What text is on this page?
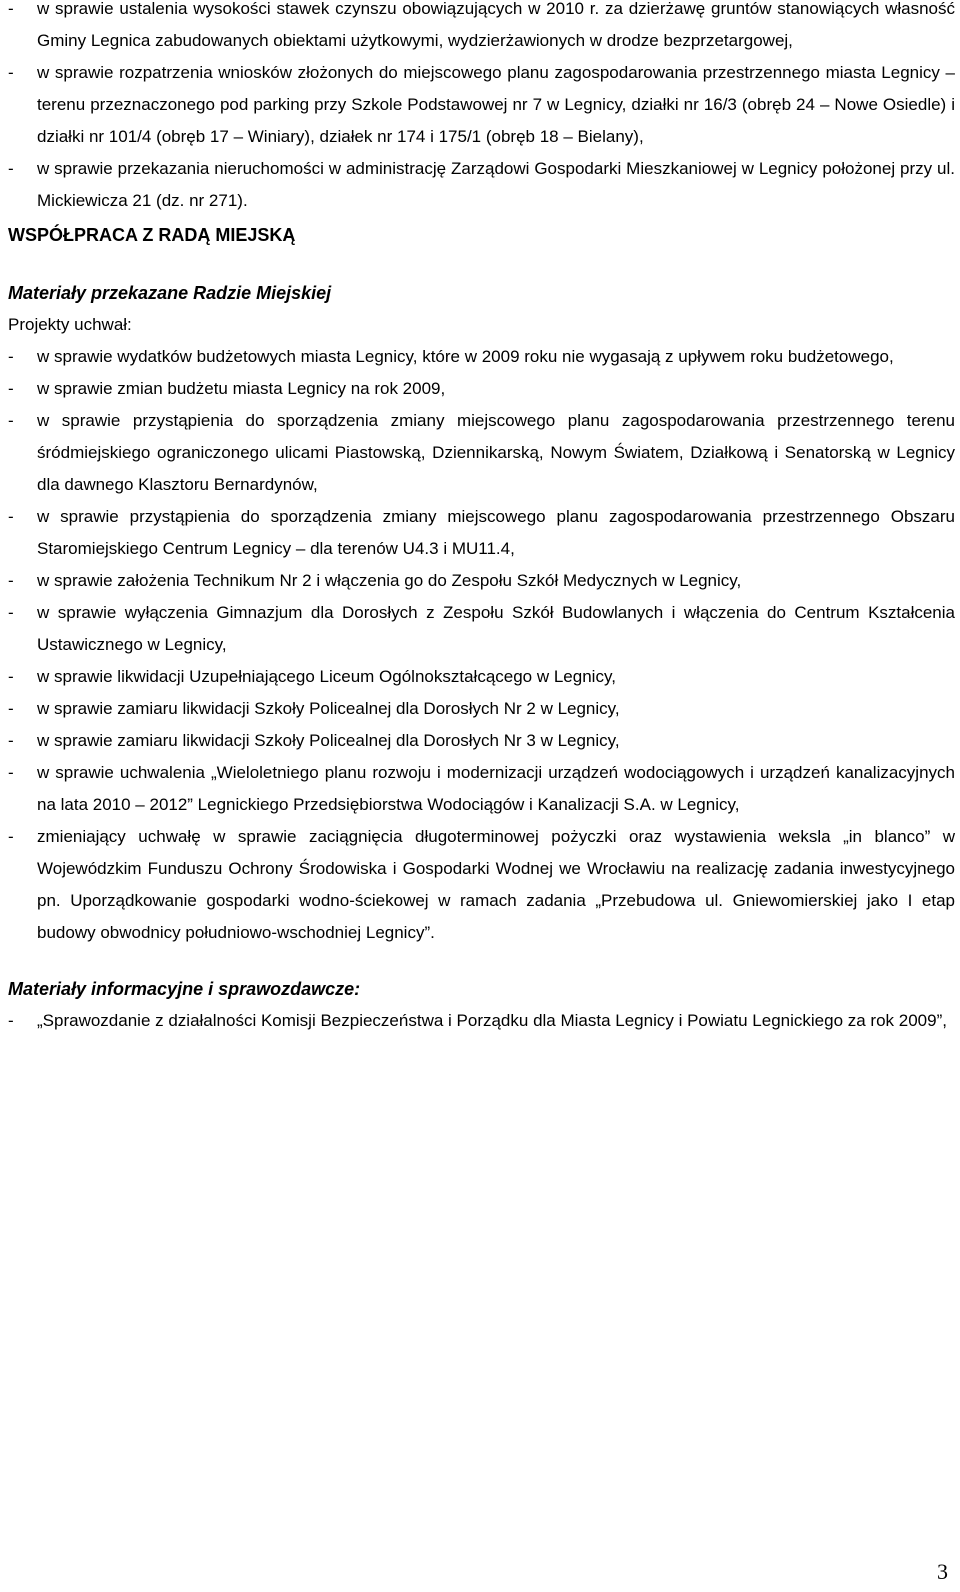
- w sprawie ustalenia wysokości stawek czynszu obowiązujących w 2010 r. za dzierżawę gruntów stanowiących własność Gminy Legnica zabudowanych obiektami użytkowymi, wydzierżawionych w drodze bezprzetargowej,
- w sprawie rozpatrzenia wniosków złożonych do miejscowego planu zagospodarowania przestrzennego miasta Legnicy – terenu przeznaczonego pod parking przy Szkole Podstawowej nr 7 w Legnicy, działki nr 16/3 (obręb 24 – Nowe Osiedle) i działki nr 101/4 (obręb 17 – Winiary), działek nr 174 i 175/1 (obręb 18 – Bielany),
- w sprawie przekazania nieruchomości w administrację Zarządowi Gospodarki Mieszkaniowej w Legnicy położonej przy ul. Mickiewicza 21 (dz. nr 271).
WSPÓŁPRACA Z RADĄ MIEJSKĄ
Materiały przekazane Radzie Miejskiej
Projekty uchwał:
- w sprawie wydatków budżetowych miasta Legnicy, które w 2009 roku nie wygasają z upływem roku budżetowego,
- w sprawie zmian budżetu miasta Legnicy na rok 2009,
- w sprawie przystąpienia do sporządzenia zmiany miejscowego planu zagospodarowania przestrzennego terenu śródmiejskiego ograniczonego ulicami Piastowską, Dziennikarską, Nowym Światem, Działkową i Senatorską w Legnicy dla dawnego Klasztoru Bernardynów,
- w sprawie przystąpienia do sporządzenia zmiany miejscowego planu zagospodarowania przestrzennego Obszaru Staromiejskiego Centrum Legnicy – dla terenów U4.3 i MU11.4,
- w sprawie założenia Technikum Nr 2 i włączenia go do Zespołu Szkół Medycznych w Legnicy,
- w sprawie wyłączenia Gimnazjum dla Dorosłych z Zespołu Szkół Budowlanych i włączenia do Centrum Kształcenia Ustawicznego w Legnicy,
- w sprawie likwidacji Uzupełniającego Liceum Ogólnokształcącego w Legnicy,
- w sprawie zamiaru likwidacji Szkoły Policealnej dla Dorosłych Nr 2 w Legnicy,
- w sprawie zamiaru likwidacji Szkoły Policealnej dla Dorosłych Nr 3 w Legnicy,
- w sprawie uchwalenia „Wieloletniego planu rozwoju i modernizacji urządzeń wodociągowych i urządzeń kanalizacyjnych na lata 2010 – 2012” Legnickiego Przedsiębiorstwa Wodociągów i Kanalizacji S.A. w Legnicy,
- zmieniający uchwałę w sprawie zaciągnięcia długoterminowej pożyczki oraz wystawienia weksla „in blanco” w Wojewódzkim Funduszu Ochrony Środowiska i Gospodarki Wodnej we Wrocławiu na realizację zadania inwestycyjnego pn. Uporządkowanie gospodarki wodno-ściekowej w ramach zadania „Przebudowa ul. Gniewomierskiej jako I etap budowy obwodnicy południowo-wschodniej Legnicy”.
Materiały informacyjne i sprawozdawcze:
- „Sprawozdanie z działalności Komisji Bezpieczeństwa i Porządku dla Miasta Legnicy i Powiatu Legnickiego za rok 2009”,
3
